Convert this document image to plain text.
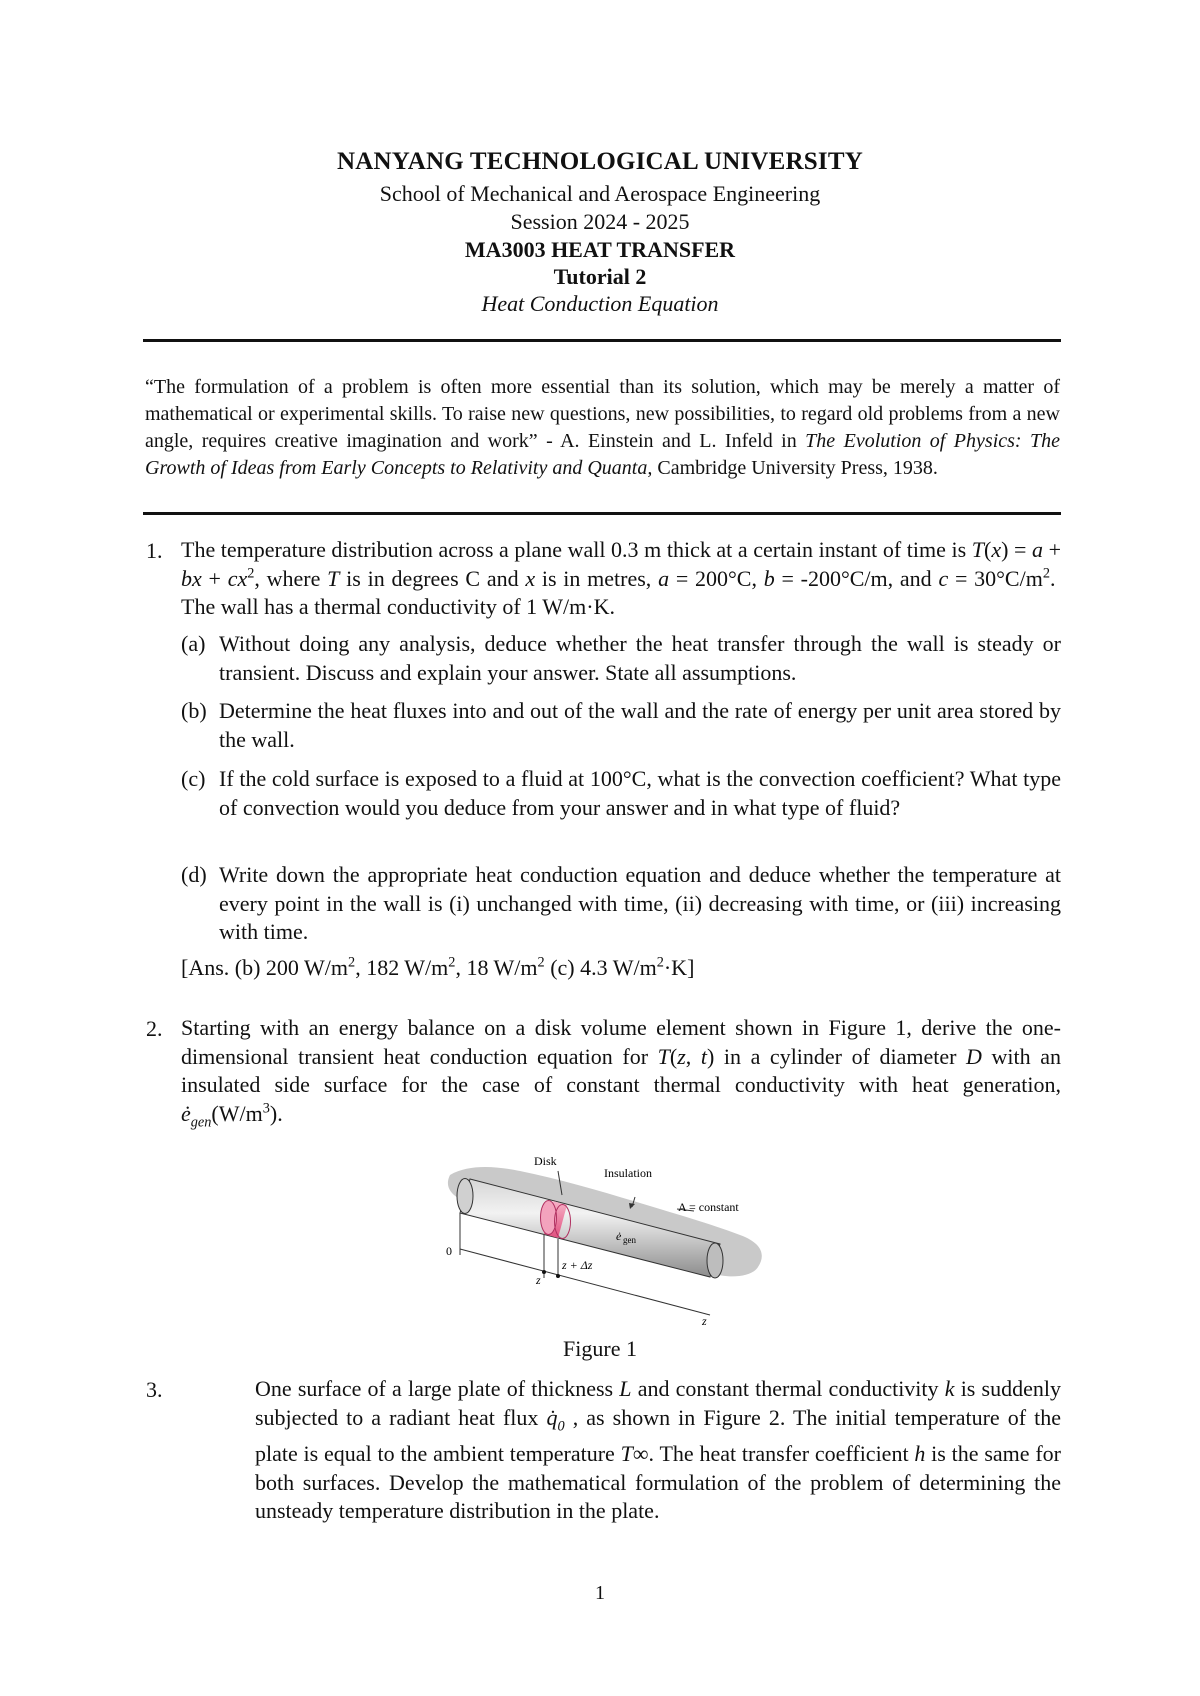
NANYANG TECHNOLOGICAL UNIVERSITY
School of Mechanical and Aerospace Engineering
Session 2024 - 2025
MA3003 HEAT TRANSFER
Tutorial 2
Heat Conduction Equation
“The formulation of a problem is often more essential than its solution, which may be merely a matter of mathematical or experimental skills. To raise new questions, new possibilities, to regard old problems from a new angle, requires creative imagination and work” - A. Einstein and L. Infeld in The Evolution of Physics: The Growth of Ideas from Early Concepts to Relativity and Quanta, Cambridge University Press, 1938.
1. The temperature distribution across a plane wall 0.3 m thick at a certain instant of time is T(x) = a + bx + $cx^2$, where T is in degrees C and x is in metres, a = 200°C, b = -200°C/m, and $c = 30^\circ C/m^2$.  The wall has a thermal conductivity of 1 W/m·K.
(a) Without doing any analysis, deduce whether the heat transfer through the wall is steady or transient. Discuss and explain your answer. State all assumptions.
(b) Determine the heat fluxes into and out of the wall and the rate of energy per unit area stored by the wall.
(c) If the cold surface is exposed to a fluid at 100°C, what is the convection coefficient? What type of convection would you deduce from your answer and in what type of fluid?
(d) Write down the appropriate heat conduction equation and deduce whether the temperature at every point in the wall is (i) unchanged with time, (ii) decreasing with time, or (iii) increasing with time.
[Ans. (b) 200 $W/m^2$, 182 $W/m^2$, 18 $W/m^2$ (c) 4.3 $W/m^2\cdot K$]
2. Starting with an energy balance on a disk volume element shown in Figure 1, derive the one-dimensional transient heat conduction equation for T(z, t) in a cylinder of diameter D with an insulated side surface for the case of constant thermal conductivity with heat generation, $ė_{gen}(W/m^3)$.
Disk
Insulation
A = constant
ė gen
0
z
z + Δz
z
Figure 1
3.	One surface of a large plate of thickness L and constant thermal conductivity k is suddenly subjected to a radiant heat flux $q̇_0$ , as shown in Figure 2. The initial temperature of the plate is equal to the ambient temperature T∞. The heat transfer coefficient h is the same for both surfaces. Develop the mathematical formulation of the problem of determining the unsteady temperature distribution in the plate.
1
